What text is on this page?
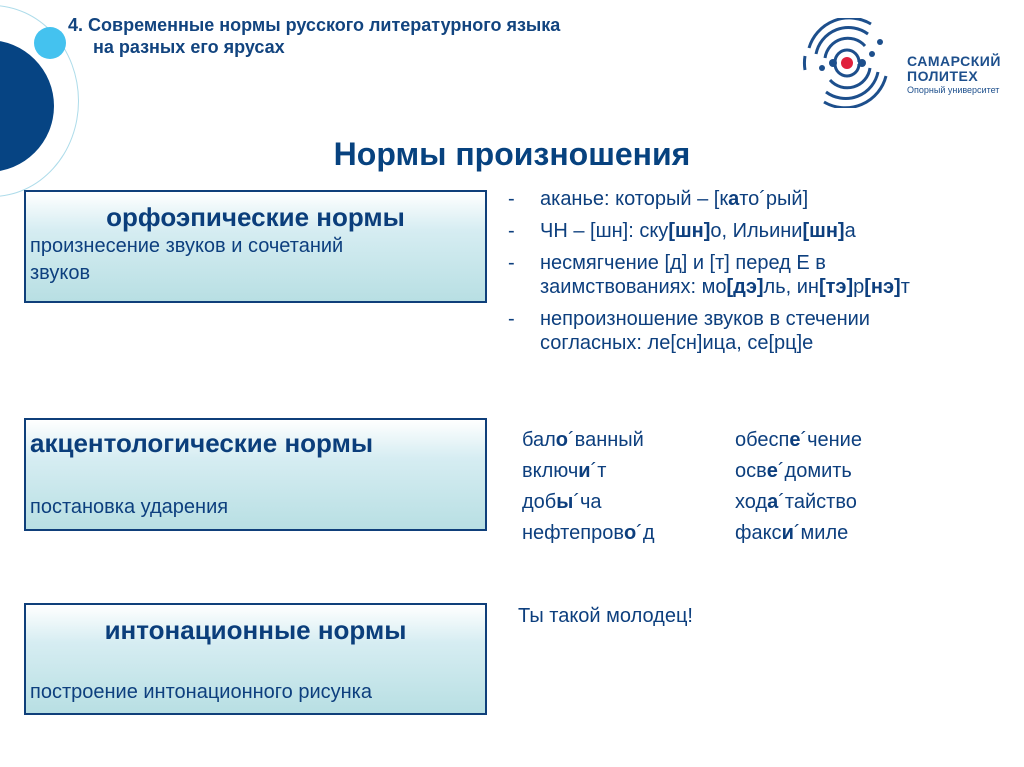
4. Современные нормы русского литературного языка
на разных его ярусах
САМАРСКИЙ
ПОЛИТЕХ
Опорный университет
Нормы произношения
орфоэпические нормы
произнесение звуков и сочетаний
звуков
акцентологические нормы
постановка ударения
интонационные нормы
построение интонационного рисунка
- аканье: который – [като´рый]
- ЧН – [шн]: ску[шн]о, Ильини[шн]а
- несмягчение [д] и [т] перед Е в
заимствованиях: мо[дэ]ль, ин[тэ]р[нэ]т
- непроизношение звуков в стечении
согласных: ле[сн]ица, се[рц]е
бало´ванный
включи´т
добы´ча
нефтепрово´д
обеспе´чение
осве´домить
хода´тайство
факси´миле
Ты такой молодец!
